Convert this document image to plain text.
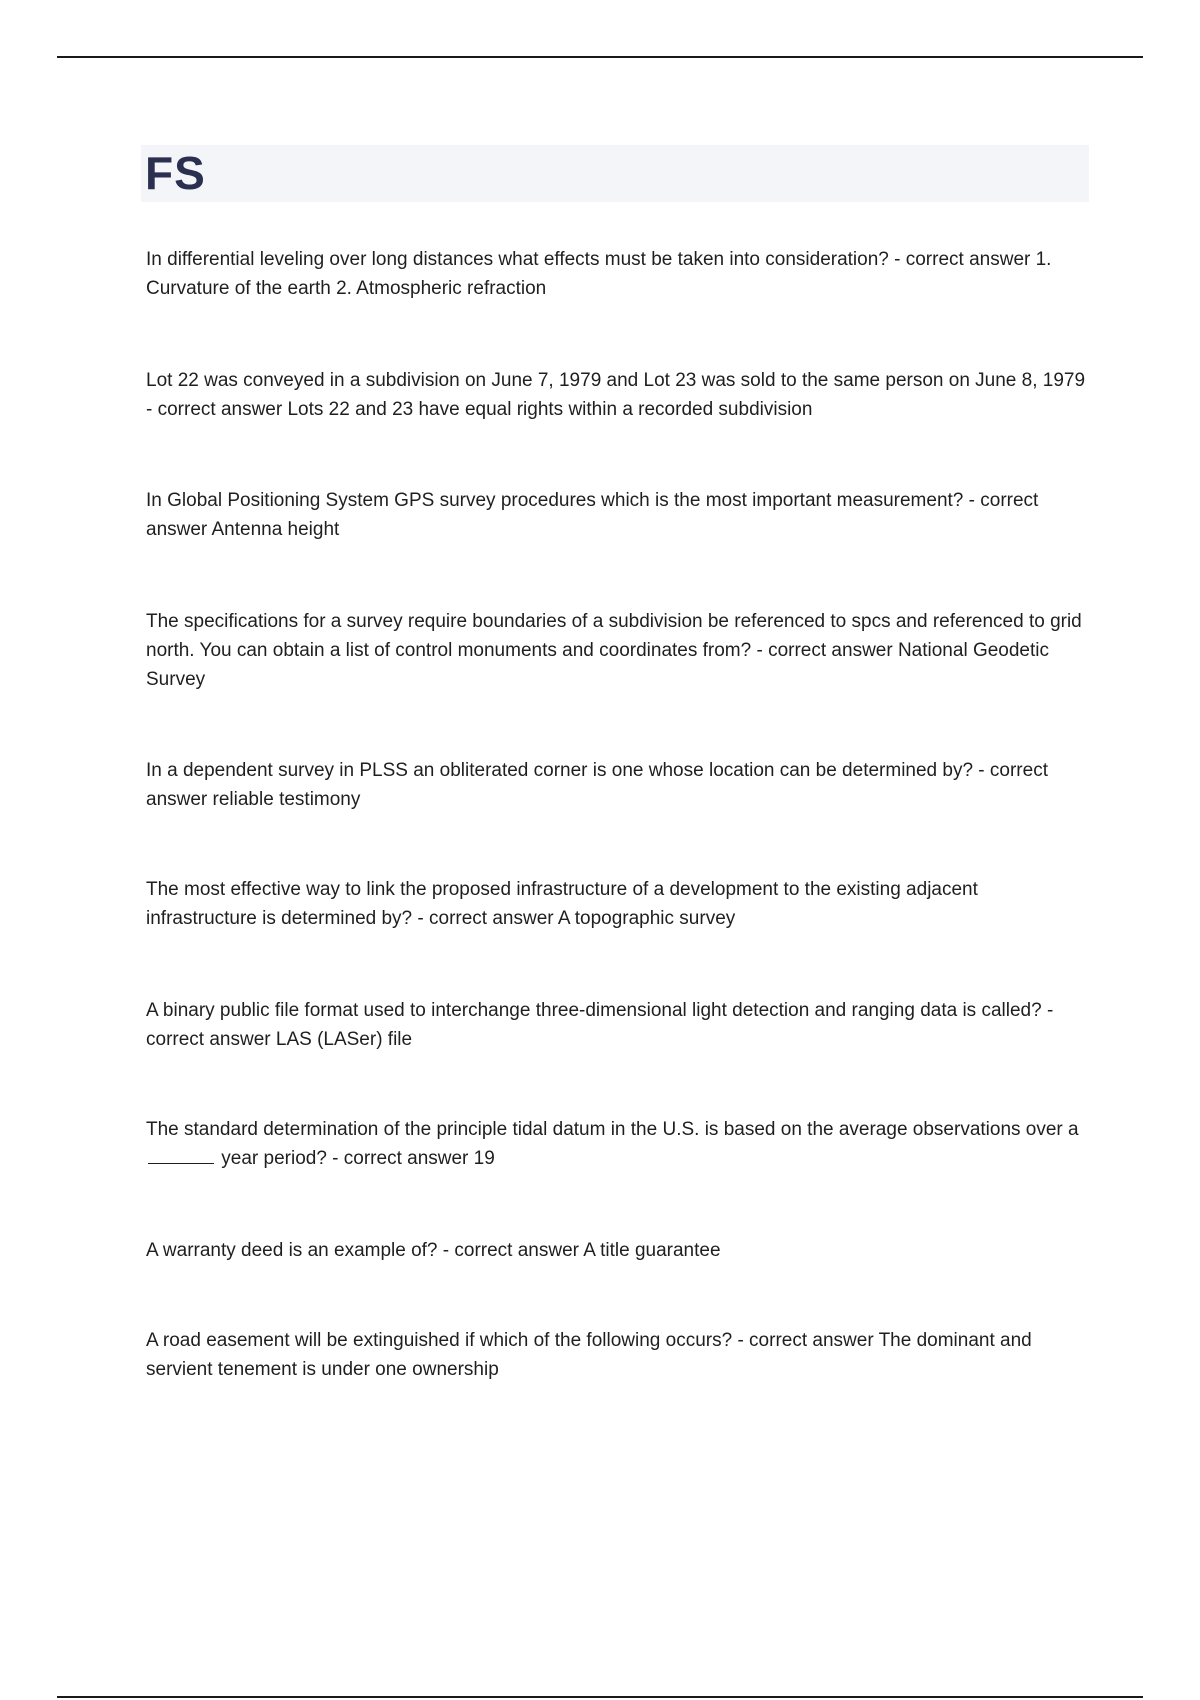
FS

In differential leveling over long distances what effects must be taken into consideration? - correct answer 1. Curvature of the earth 2. Atmospheric refraction

Lot 22 was conveyed in a subdivision on June 7, 1979 and Lot 23 was sold to the same person on June 8, 1979 - correct answer Lots 22 and 23 have equal rights within a recorded subdivision

In Global Positioning System GPS survey procedures which is the most important measurement? - correct answer Antenna height

The specifications for a survey require boundaries of a subdivision be referenced to spcs and referenced to grid north. You can obtain a list of control monuments and coordinates from? - correct answer National Geodetic Survey

In a dependent survey in PLSS an obliterated corner is one whose location can be determined by? - correct answer reliable testimony

The most effective way to link the proposed infrastructure of a development to the existing adjacent infrastructure is determined by? - correct answer A topographic survey

A binary public file format used to interchange three-dimensional light detection and ranging data is called? - correct answer LAS (LASer) file

The standard determination of the principle tidal datum in the U.S. is based on the average observations over a  year period? - correct answer 19

A warranty deed is an example of? - correct answer A title guarantee

A road easement will be extinguished if which of the following occurs? - correct answer The dominant and servient tenement is under one ownership
